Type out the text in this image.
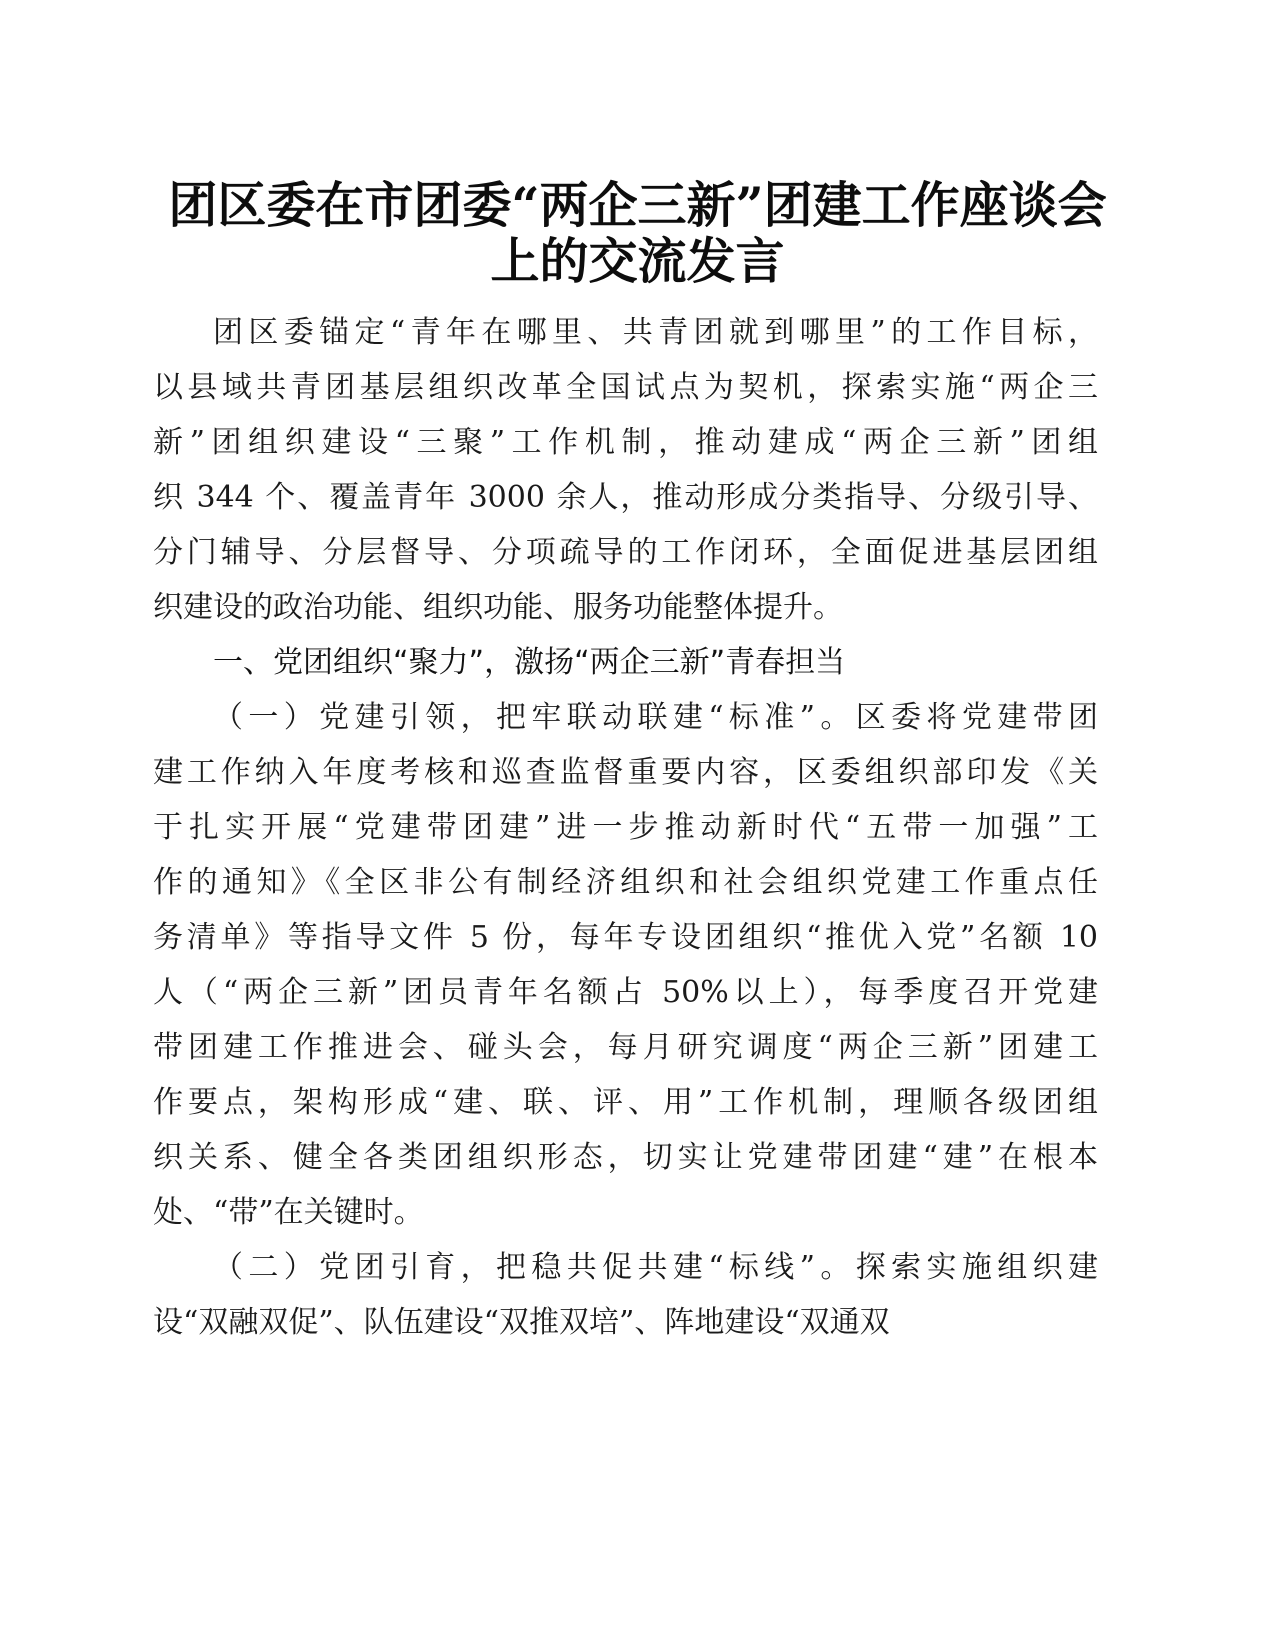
团区委在市团委“两企三新”团建工作座谈会
上的交流发言
团区委锚定“青年在哪里、共青团就到哪里”的工作目标，
以县域共青团基层组织改革全国试点为契机，探索实施“两企三
新”团组织建设“三聚”工作机制，推动建成“两企三新”团组
织 344 个、覆盖青年 3000 余人，推动形成分类指导、分级引导、
分门辅导、分层督导、分项疏导的工作闭环，全面促进基层团组
织建设的政治功能、组织功能、服务功能整体提升。
一、党团组织“聚力”，激扬“两企三新”青春担当
（一）党建引领，把牢联动联建“标准”。区委将党建带团
建工作纳入年度考核和巡查监督重要内容，区委组织部印发《关
于扎实开展“党建带团建”进一步推动新时代“五带一加强”工
作的通知》《全区非公有制经济组织和社会组织党建工作重点任
务清单》等指导文件 5 份，每年专设团组织“推优入党”名额 10
人（“两企三新”团员青年名额占 50%以上），每季度召开党建
带团建工作推进会、碰头会，每月研究调度“两企三新”团建工
作要点，架构形成“建、联、评、用”工作机制，理顺各级团组
织关系、健全各类团组织形态，切实让党建带团建“建”在根本
处、“带”在关键时。
（二）党团引育，把稳共促共建“标线”。探索实施组织建
设“双融双促”、队伍建设“双推双培”、阵地建设“双通双
